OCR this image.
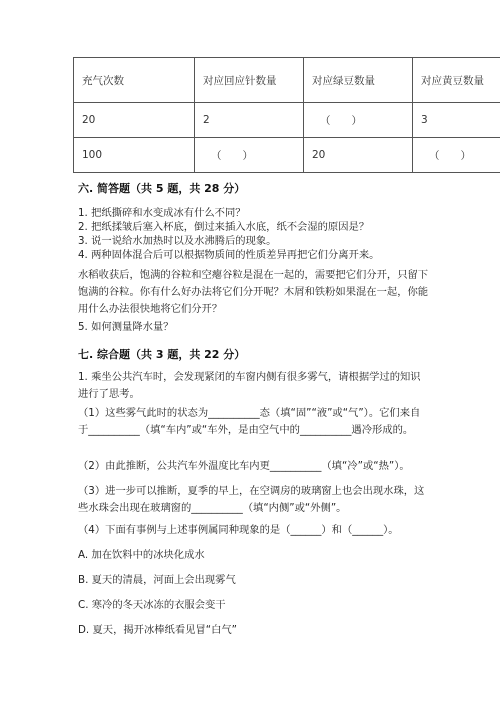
充气次数	对应回应针数量	对应绿豆数量	对应黄豆数量
20	2	（　　）	3
100	（　　）	20	（　　）
六. 简答题（共 5 题，共 28 分）
1. 把纸撕碎和水变成冰有什么不同？
2. 把纸揉皱后塞入杯底，倒过来插入水底，纸不会湿的原因是？
3. 说一说给水加热时以及水沸腾后的现象。
4. 两种固体混合后可以根据物质间的性质差异再把它们分离开来。
水稻收获后，饱满的谷粒和空瘪谷粒是混在一起的，需要把它们分开，只留下饱满的谷粒。你有什么好办法将它们分开呢？木屑和铁粉如果混在一起，你能用什么办法很快地将它们分开？
5. 如何测量降水量？
七. 综合题（共 3 题，共 22 分）
1. 乘坐公共汽车时，会发现紧闭的车窗内侧有很多雾气，请根据学过的知识进行了思考。
（1）这些雾气此时的状态为__________态（填“固”“液”或“气”）。它们来自于__________（填“车内”或“车外，是由空气中的__________遇冷形成的。
（2）由此推断，公共汽车外温度比车内更__________（填“冷”或“热”）。
（3）进一步可以推断，夏季的早上，在空调房的玻璃窗上也会出现水珠，这些水珠会出现在玻璃窗的__________（填“内侧”或“外侧”。
（4）下面有事例与上述事例属同种现象的是（______）和（______）。
A. 加在饮料中的冰块化成水
B. 夏天的清晨，河面上会出现雾气
C. 寒冷的冬天冰冻的衣服会变干
D. 夏天，揭开冰棒纸看见冒“白气”
